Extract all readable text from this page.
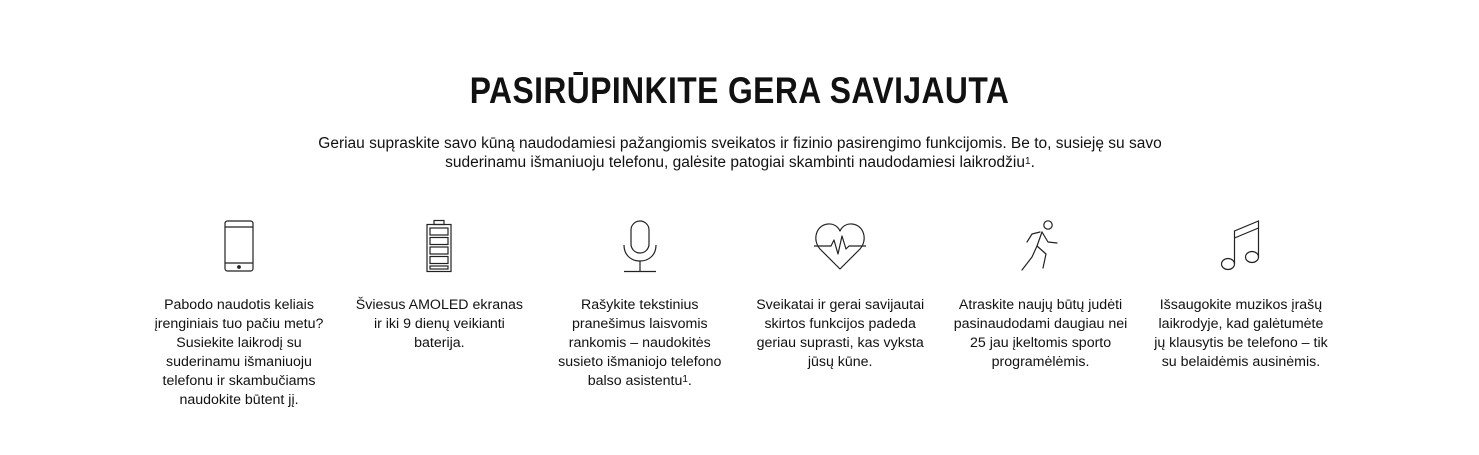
PASIRŪPINKITE GERA SAVIJAUTA

Geriau supraskite savo kūną naudodamiesi pažangiomis sveikatos ir fizinio pasirengimo funkcijomis. Be to, susieję su savo suderinamu išmaniuoju telefonu, galėsite patogiai skambinti naudodamiesi laikrodžiu$^1$.

Pabodo naudotis keliais įrenginiais tuo pačiu metu? Susiekite laikrodį su suderinamu išmaniuoju telefonu ir skambučiams naudokite būtent jį.
Šviesus AMOLED ekranas ir iki 9 dienų veikianti baterija.
Rašykite tekstinius pranešimus laisvomis rankomis – naudokitės susieto išmaniojo telefono balso asistentu$^1$.
Sveikatai ir gerai savijautai skirtos funkcijos padeda geriau suprasti, kas vyksta jūsų kūne.
Atraskite naujų būtų judėti pasinaudodami daugiau nei 25 jau įkeltomis sporto programėlėmis.
Išsaugokite muzikos įrašų laikrodyje, kad galėtumėte jų klausytis be telefono – tik su belaidėmis ausinėmis.
